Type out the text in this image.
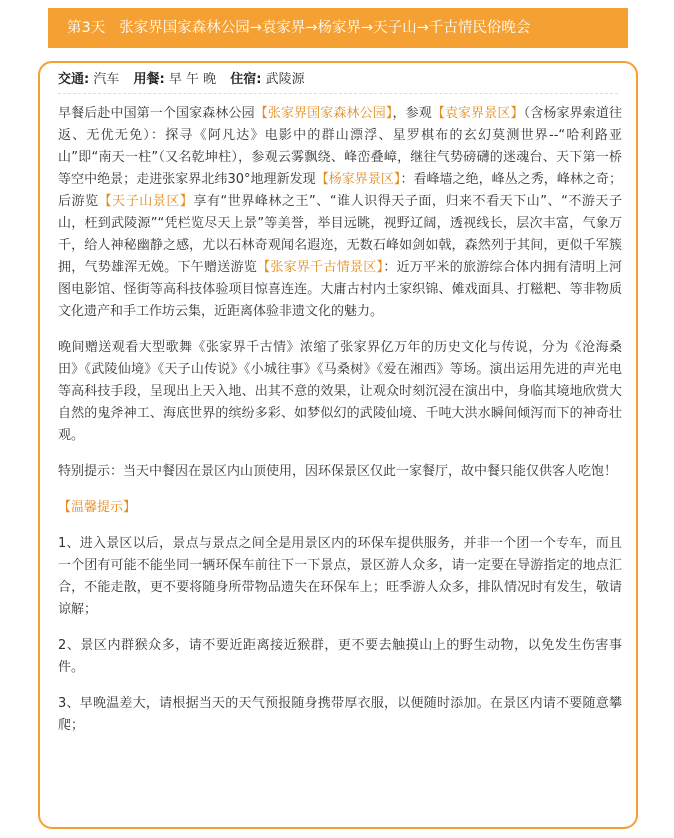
第3天 张家界国家森林公园→袁家界→杨家界→天子山→千古情民俗晚会
交通: 汽车 用餐: 早 午 晚 住宿: 武陵源

早餐后赴中国第一个国家森林公园【张家界国家森林公园】，参观【袁家界景区】（含杨家界索道往返、无优无免）：探寻《阿凡达》电影中的群山漂浮、星罗棋布的玄幻莫测世界--“哈利路亚山”即“南天一柱”（又名乾坤柱），参观云雾飘绕、峰峦叠嶂，继往气势磅礴的迷魂台、天下第一桥等空中绝景；走进张家界北纬30°地理新发现【杨家界景区】：看峰墙之绝，峰丛之秀，峰林之奇；后游览【天子山景区】享有“世界峰林之王”、“谁人识得天子面，归来不看天下山”、“不游天子山，枉到武陵源”“凭栏览尽天上景”等美誉，举目远眺，视野辽阔，透视线长，层次丰富，气象万千，给人神秘幽静之感，尤以石林奇观闻名遐迩，无数石峰如剑如戟，森然列于其间，更似千军簇拥，气势雄浑无娩。下午赠送游览【张家界千古情景区】：近万平米的旅游综合体内拥有清明上河图电影馆、怪街等高科技体验项目惊喜连连。大庸古村内土家织锦、傩戏面具、打糍粑、等非物质文化遗产和手工作坊云集，近距离体验非遗文化的魅力。

晚间赠送观看大型歌舞《张家界千古情》浓缩了张家界亿万年的历史文化与传说，分为《沧海桑田》《武陵仙境》《天子山传说》《小城往事》《马桑树》《爱在湘西》等场。演出运用先进的声光电等高科技手段，呈现出上天入地、出其不意的效果，让观众时刻沉浸在演出中，身临其境地欣赏大自然的鬼斧神工、海底世界的缤纷多彩、如梦似幻的武陵仙境、千吨大洪水瞬间倾泻而下的神奇壮观。

特别提示：当天中餐因在景区内山顶使用，因环保景区仅此一家餐厅，故中餐只能仅供客人吃饱！

【温馨提示】

1、进入景区以后，景点与景点之间全是用景区内的环保车提供服务，并非一个团一个专车，而且一个团有可能不能坐同一辆环保车前往下一下景点，景区游人众多，请一定要在导游指定的地点汇合，不能走散，更不要将随身所带物品遗失在环保车上；旺季游人众多，排队情况时有发生，敬请谅解；

2、景区内群猴众多，请不要近距离接近猴群，更不要去触摸山上的野生动物，以免发生伤害事件。

3、早晚温差大，请根据当天的天气预报随身携带厚衣服，以便随时添加。在景区内请不要随意攀爬；
